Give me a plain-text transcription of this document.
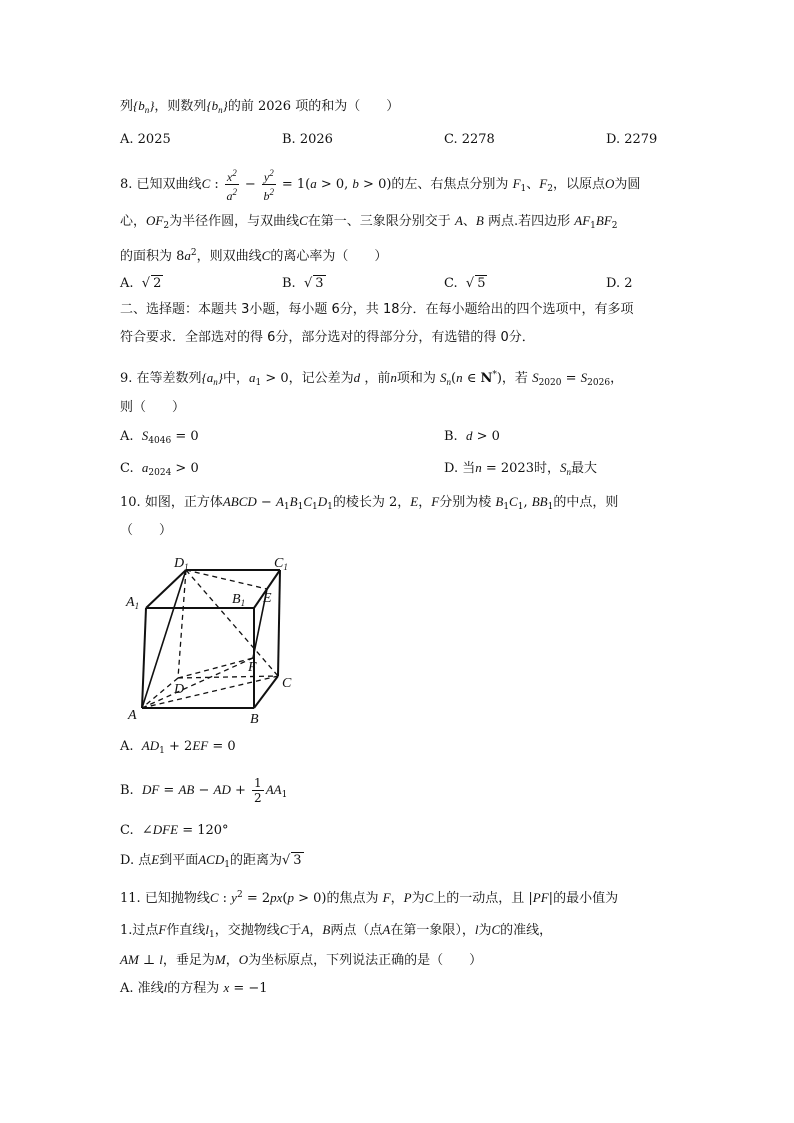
列$\{b_n\}$，则数列$\{b_n\}$的前 2026 项的和为（　　）
A. 2025	B. 2026	C. 2278	D. 2279
8. 已知双曲线C : $\frac{x^2}{a^2} - \frac{y^2}{b^2} = 1(a > 0$, b > 0)的左、右焦点分别为 $F_1$、$F_2$，以原点O为圆
心，$OF_2$为半径作圆，与双曲线C在第一、三象限分别交于 A、B 两点.若四边形 $AF_1BF_2$
的面积为 $8a^2$，则双曲线C的离心率为（　　）
A.  √ 2	B.  √ 3	C.  √ 5	D. 2
二、选择题：本题共 3小题，每小题 6分，共 18分．在每小题给出的四个选项中，有多项
符合要求．全部选对的得 6分，部分选对的得部分分，有选错的得 0分．
9. 在等差数列$\{a_n\}$中，$a_1 > 0$，记公差为d ，前n项和为 $S_n(n$ ∈ N*)，若 $S_{2020} = S_{2026}$，
则（　　）
A. $S_{4046} = 0$	B. d > 0
C. $a_{2024} > 0$	D. 当n = 2023时，$S_n$最大
10. 如图，正方体ABCD − $A_1B_1C_1D_1$的棱长为 2，E，F分别为棱 $B_1C_1$, $BB_1$的中点，则
（　　）
$D_1$	$C_1$
$A_1$	$B_1$ E
F
D	C
A	B
A. $AD_1 + 2EF = 0$
B. DF = AB − AD + $\frac{1}{2} AA_1$
C.  ∠DFE = 120°
D. 点E到平面$ACD_1$的距离为√ 3
11. 已知抛物线C : $y^2 = 2px(p > 0)$的焦点为 F，P为C上的一动点，且 |PF|的最小值为
1.过点F作直线$l_1$，交抛物线C于A，B两点（点A在第一象限），l为C的准线，
AM ⊥ l，垂足为M，O为坐标原点，下列说法正确的是（　　）
A. 准线l的方程为 x = −1
